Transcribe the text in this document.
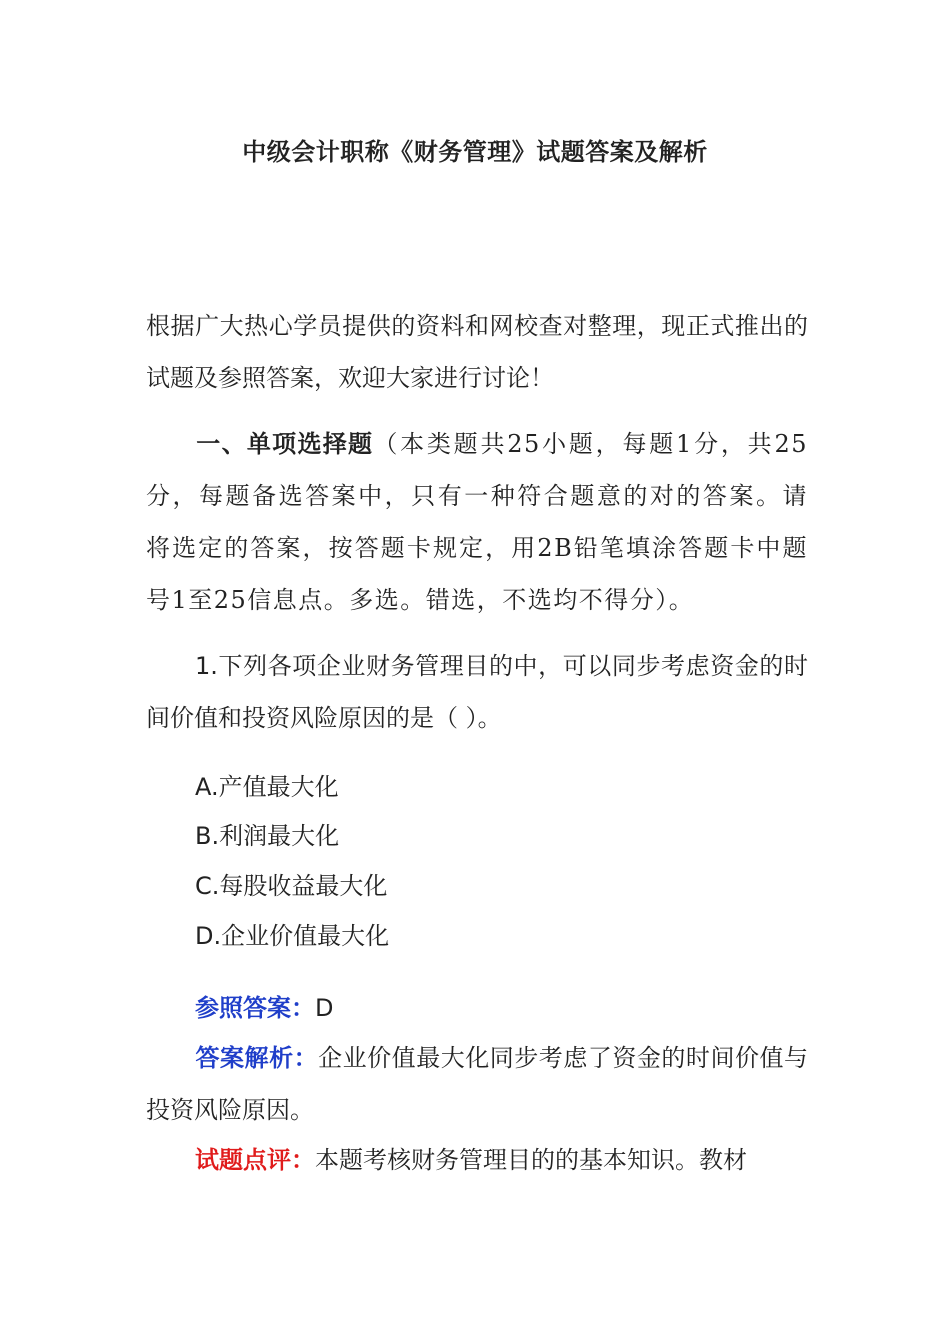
中级会计职称《财务管理》试题答案及解析
根据广大热心学员提供的资料和网校查对整理，现正式推出的试题及参照答案，欢迎大家进行讨论！
一、单项选择题（本类题共25小题，每题1分，共25分，每题备选答案中，只有一种符合题意的对的答案。请将选定的答案，按答题卡规定，用2B铅笔填涂答题卡中题号1至25信息点。多选。错选，不选均不得分）。
1.下列各项企业财务管理目的中，可以同步考虑资金的时间价值和投资风险原因的是（ ）。
A.产值最大化
B.利润最大化
C.每股收益最大化
D.企业价值最大化
参照答案：D
答案解析：企业价值最大化同步考虑了资金的时间价值与投资风险原因。
试题点评：本题考核财务管理目的的基本知识。教材
